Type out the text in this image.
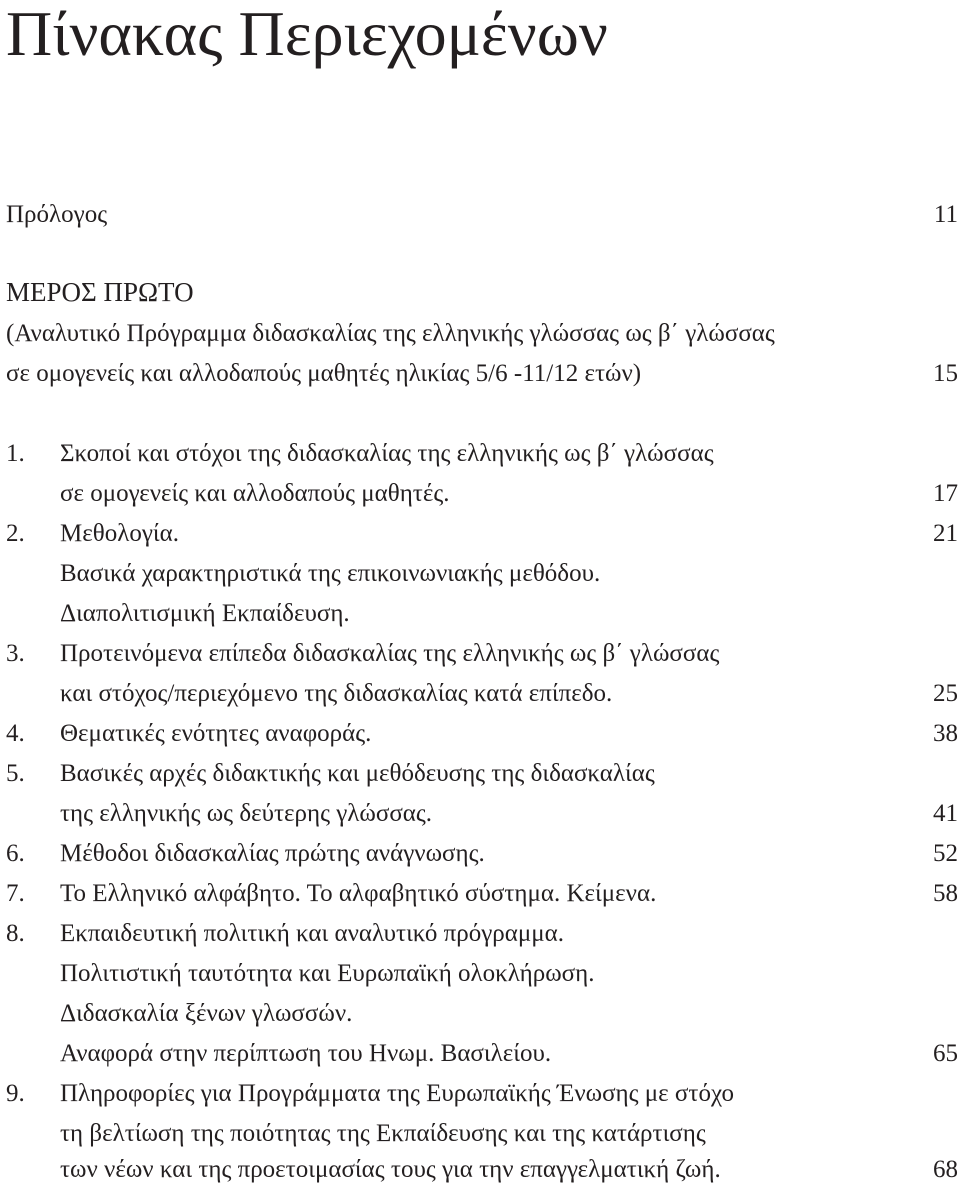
Πίνακας Περιεχομένων
Πρόλογος	11
ΜΕΡΟΣ ΠΡΩΤΟ
(Αναλυτικό Πρόγραμμα διδασκαλίας της ελληνικής γλώσσας ως β΄ γλώσσας
σε ομογενείς και αλλοδαπούς μαθητές ηλικίας 5/6 -11/12 ετών)	15
1. Σκοποί και στόχοι της διδασκαλίας της ελληνικής ως β΄ γλώσσας
σε ομογενείς και αλλοδαπούς μαθητές.	17
2. Μεθολογία.	21
Βασικά χαρακτηριστικά της επικοινωνιακής μεθόδου.
Διαπολιτισμική Εκπαίδευση.
3. Προτεινόμενα επίπεδα διδασκαλίας της ελληνικής ως β΄ γλώσσας
και στόχος/περιεχόμενο της διδασκαλίας κατά επίπεδο.	25
4. Θεματικές ενότητες αναφοράς.	38
5. Βασικές αρχές διδακτικής και μεθόδευσης της διδασκαλίας
της ελληνικής ως δεύτερης γλώσσας.	41
6. Μέθοδοι διδασκαλίας πρώτης ανάγνωσης.	52
7. Το Ελληνικό αλφάβητο. Το αλφαβητικό σύστημα. Κείμενα.	58
8. Εκπαιδευτική πολιτική και αναλυτικό πρόγραμμα.
Πολιτιστική ταυτότητα και Ευρωπαϊκή ολοκλήρωση.
Διδασκαλία ξένων γλωσσών.
Αναφορά στην περίπτωση του Ηνωμ. Βασιλείου.	65
9. Πληροφορίες για Προγράμματα της Ευρωπαϊκής Ένωσης με στόχο
τη βελτίωση της ποιότητας της Εκπαίδευσης και της κατάρτισης
των νέων και της προετοιμασίας τους για την επαγγελματική ζωή.	68
